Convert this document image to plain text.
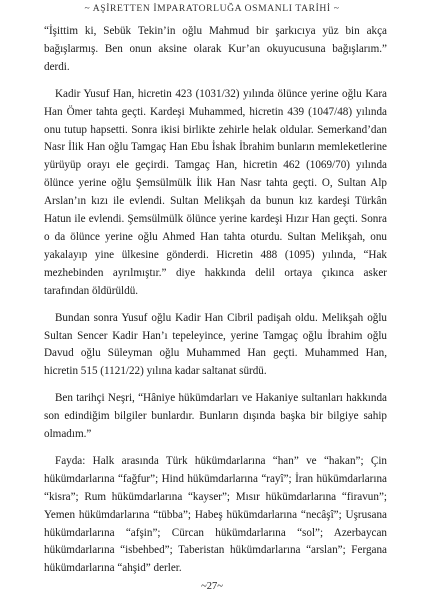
~ AŞİRETTEN İMPARATORLUĞA OSMANLI TARİHİ ~

“İşittim ki, Sebük Tekin’in oğlu Mahmud bir şarkıcıya yüz bin akça bağışlarmış. Ben onun aksine olarak Kur’an okuyucusuna bağışlarım.” derdi.

Kadir Yusuf Han, hicretin 423 (1031/32) yılında ölünce yerine oğlu Kara Han Ömer tahta geçti. Kardeşi Muhammed, hicretin 439 (1047/48) yılında onu tutup hapsetti. Sonra ikisi birlikte zehirle helak oldular. Semerkand’dan Nasr İlik Han oğlu Tamgaç Han Ebu İshak İbrahim bunların memleketlerine yürüyüp orayı ele geçirdi. Tamgaç Han, hicretin 462 (1069/70) yılında ölünce yerine oğlu Şemsülmülk İlik Han Nasr tahta geçti. O, Sultan Alp Arslan’ın kızı ile evlendi. Sultan Melikşah da bunun kız kardeşi Türkân Hatun ile evlendi. Şemsülmülk ölünce yerine kardeşi Hızır Han geçti. Sonra o da ölünce yerine oğlu Ahmed Han tahta oturdu. Sultan Melikşah, onu yakalayıp yine ülkesine gönderdi. Hicretin 488 (1095) yılında, “Hak mezhebinden ayrılmıştır.” diye hakkında delil ortaya çıkınca asker tarafından öldürüldü.

Bundan sonra Yusuf oğlu Kadir Han Cibril padişah oldu. Melikşah oğlu Sultan Sencer Kadir Han’ı tepeleyince, yerine Tamgaç oğlu İbrahim oğlu Davud oğlu Süleyman oğlu Muhammed Han geçti. Muhammed Han, hicretin 515 (1121/22) yılına kadar saltanat sürdü.

Ben tarihçi Neşri, “Hâniye hükümdarları ve Hakaniye sultanları hakkında son edindiğim bilgiler bunlardır. Bunların dışında başka bir bilgiye sahip olmadım.”

Fayda: Halk arasında Türk hükümdarlarına “han” ve “hakan”; Çin hükümdarlarına “fağfur”; Hind hükümdarlarına “rayî”; İran hükümdarlarına “kisra”; Rum hükümdarlarına “kayser”; Mısır hükümdarlarına “firavun”; Yemen hükümdarlarına “tübba”; Habeş hükümdarlarına “necâşî”; Uşrusana hükümdarlarına “afşin”; Cürcan hükümdarlarına “sol”; Azerbaycan hükümdarlarına “isbehbed”; Taberistan hükümdarlarına “arslan”; Fergana hükümdarlarına “ahşid” derler.

~27~
